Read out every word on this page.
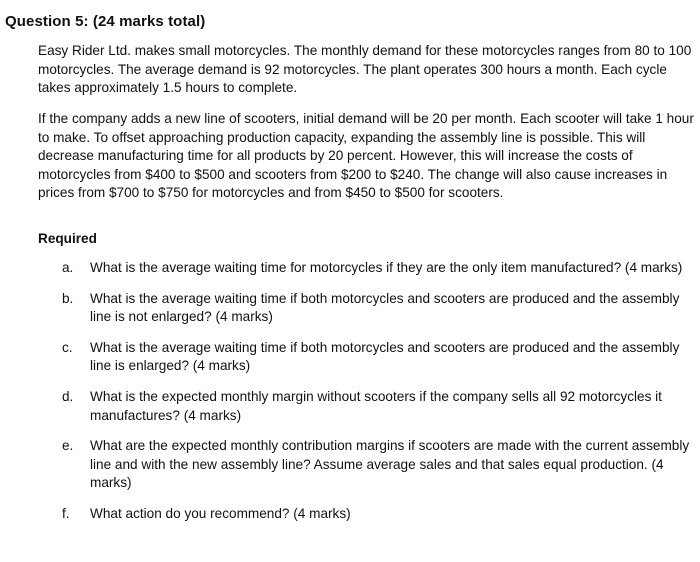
Question 5: (24 marks total)

Easy Rider Ltd. makes small motorcycles. The monthly demand for these motorcycles ranges from 80 to 100 motorcycles. The average demand is 92 motorcycles. The plant operates 300 hours a month. Each cycle takes approximately 1.5 hours to complete.

If the company adds a new line of scooters, initial demand will be 20 per month. Each scooter will take 1 hour to make. To offset approaching production capacity, expanding the assembly line is possible. This will decrease manufacturing time for all products by 20 percent. However, this will increase the costs of motorcycles from $400 to $500 and scooters from $200 to $240. The change will also cause increases in prices from $700 to $750 for motorcycles and from $450 to $500 for scooters.

Required
a. What is the average waiting time for motorcycles if they are the only item manufactured? (4 marks)
b. What is the average waiting time if both motorcycles and scooters are produced and the assembly line is not enlarged? (4 marks)
c. What is the average waiting time if both motorcycles and scooters are produced and the assembly line is enlarged? (4 marks)
d. What is the expected monthly margin without scooters if the company sells all 92 motorcycles it manufactures? (4 marks)
e. What are the expected monthly contribution margins if scooters are made with the current assembly line and with the new assembly line? Assume average sales and that sales equal production. (4 marks)
f. What action do you recommend? (4 marks)
